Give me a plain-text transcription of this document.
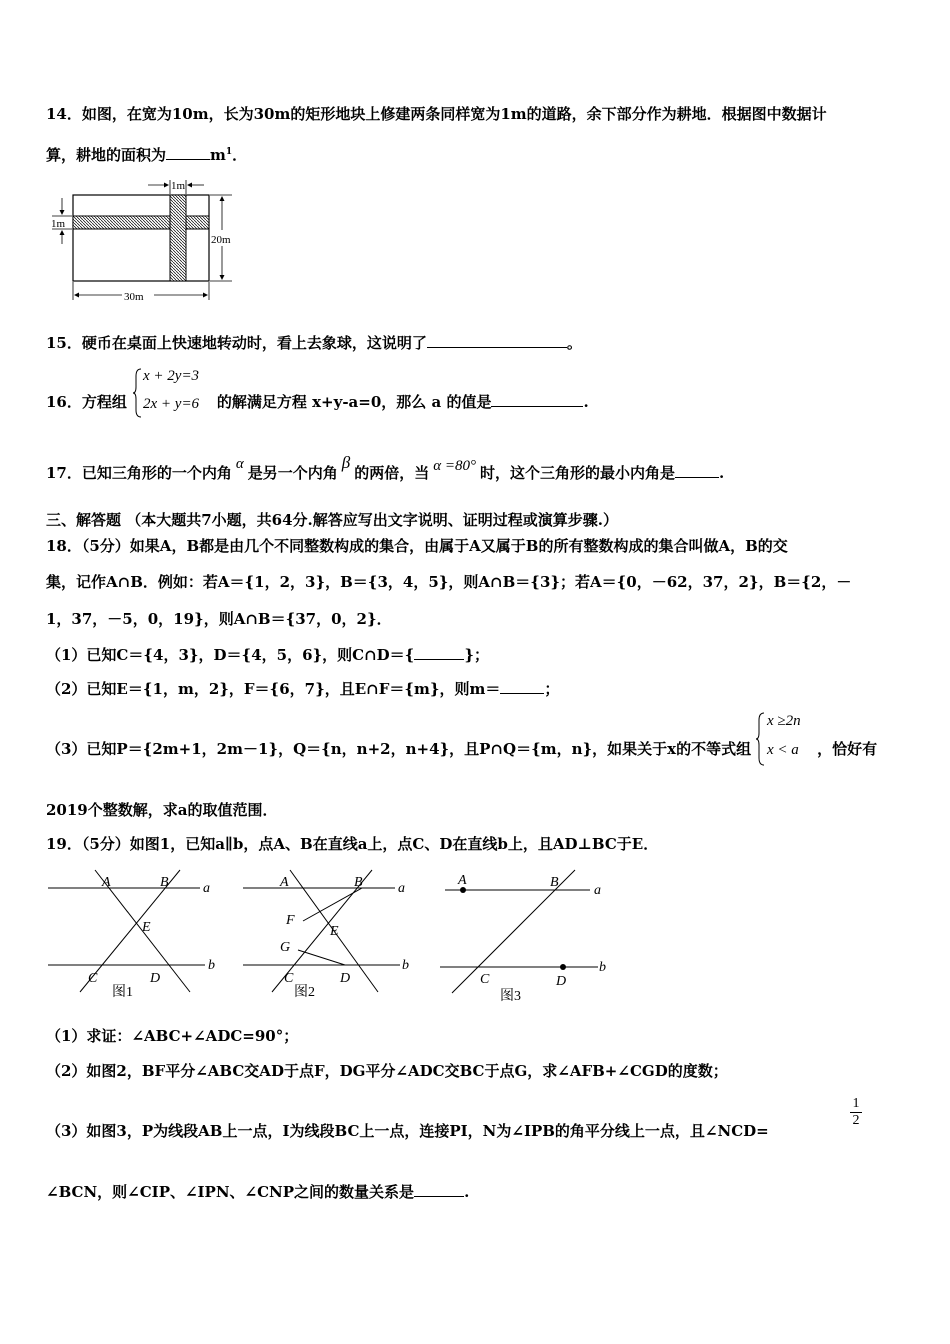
14．如图，在宽为10m，长为30m的矩形地块上修建两条同样宽为1m的道路，余下部分作为耕地．根据图中数据计
算，耕地的面积为	$m^1$．
1m
1m
20m
30m
15．硬币在桌面上快速地转动时，看上去象球，这说明了	。
16．方程组	的解满足方程 x+y-a=0，那么 a 的值是	.
x + 2y=3
2x + y=6
17．已知三角形的一个内角 α 是另一个内角β的两倍，当 α =80° 时，这个三角形的最小内角是	.
三、解答题 （本大题共7小题，共64分.解答应写出文字说明、证明过程或演算步骤.）
18．（5分）如果A，B都是由几个不同整数构成的集合，由属于A又属于B的所有整数构成的集合叫做A，B的交
集，记作A∩B．例如：若A＝{1，2，3}，B＝{3，4，5}，则A∩B＝{3}；若A＝{0，－62，37，2}，B＝{2，－
1，37，－5，0，19}，则A∩B＝{37，0，2}．
（1）已知C＝{4，3}，D＝{4，5，6}，则C∩D＝{	}；
（2）已知E＝{1，m，2}，F＝{6，7}，且E∩F＝{m}，则m＝	；
（3）已知P＝{2m+1，2m－1}，Q＝{n，n+2，n+4}，且P∩Q＝{m，n}，如果关于x的不等式组	，恰好有
x ≥2n
x < a
2019个整数解，求a的取值范围．
19．（5分）如图1，已知a∥b，点A、B在直线a上，点C、D在直线b上，且AD⊥BC于E．
A	B a
E
C	D
b
图1
A	B	a
F
E
G
C	D
b
图2
A	B
a
C	D
b
图3
（1）求证：∠ABC+∠ADC=90°；
（2）如图2，BF平分∠ABC交AD于点F，DG平分∠ADC交BC于点G，求∠AFB+∠CGD的度数；
（3）如图3，P为线段AB上一点，I为线段BC上一点，连接PI，N为∠IPB的角平分线上一点，且∠NCD=
$\frac{1}{2}$
∠BCN，则∠CIP、∠IPN、∠CNP之间的数量关系是	.
